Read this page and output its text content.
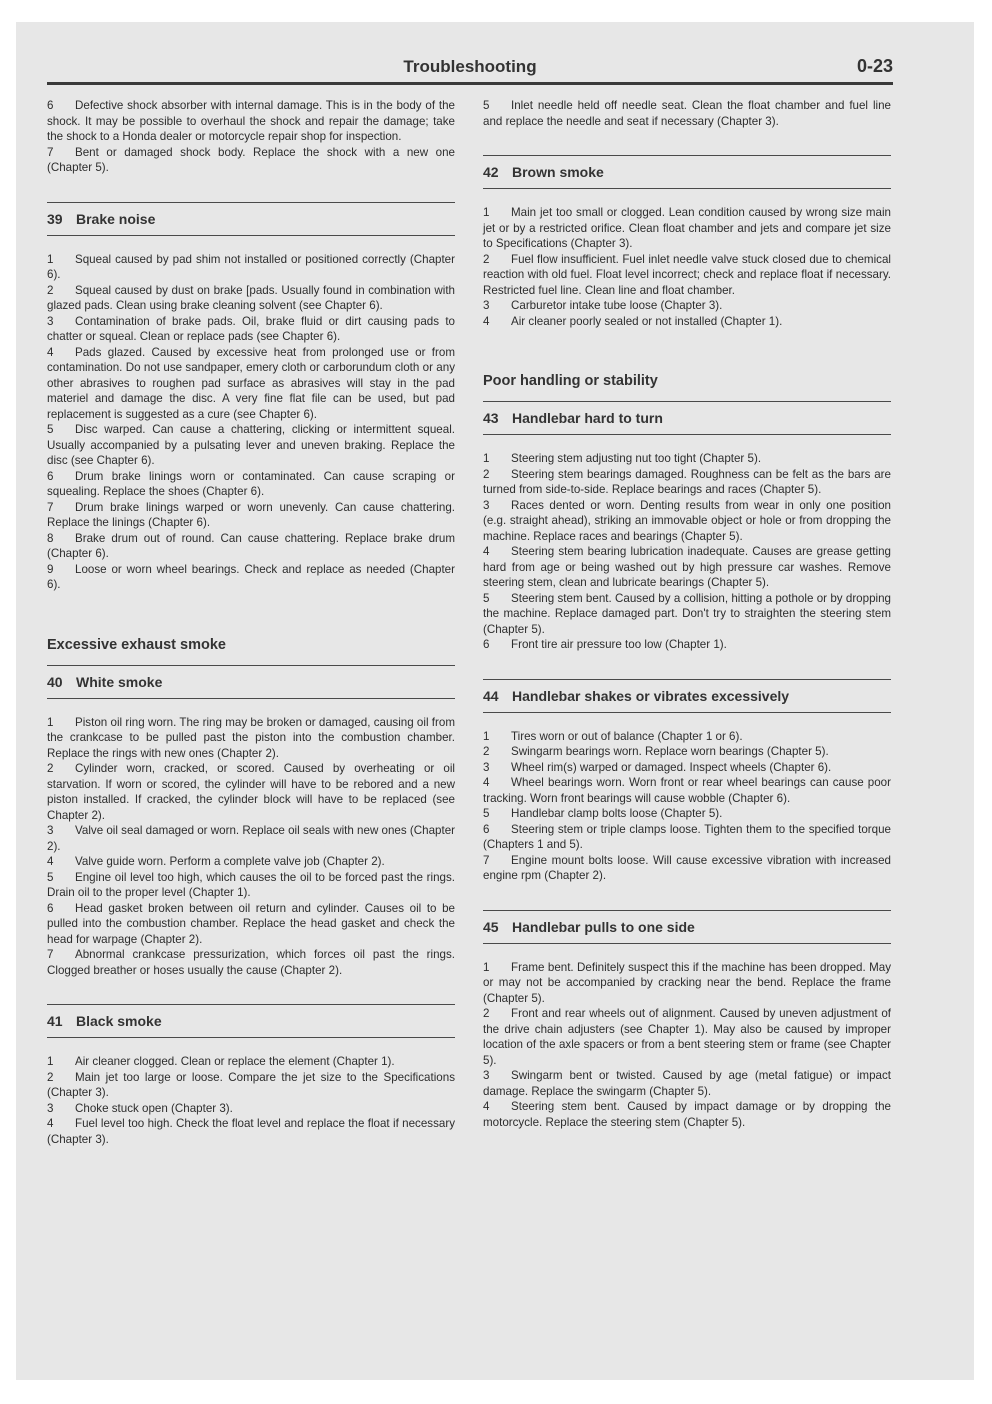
Troubleshooting	0-23

6 Defective shock absorber with internal damage. This is in the body of the shock. It may be possible to overhaul the shock and repair the damage; take the shock to a Honda dealer or motorcycle repair shop for inspection.

7 Bent or damaged shock body. Replace the shock with a new one (Chapter 5).

39 Brake noise

1 Squeal caused by pad shim not installed or positioned correctly (Chapter 6).

2 Squeal caused by dust on brake [pads. Usually found in combination with glazed pads. Clean using brake cleaning solvent (see Chapter 6).

3 Contamination of brake pads. Oil, brake fluid or dirt causing pads to chatter or squeal. Clean or replace pads (see Chapter 6).

4 Pads glazed. Caused by excessive heat from prolonged use or from contamination. Do not use sandpaper, emery cloth or carborundum cloth or any other abrasives to roughen pad surface as abrasives will stay in the pad materiel and damage the disc. A very fine flat file can be used, but pad replacement is suggested as a cure (see Chapter 6).

5 Disc warped. Can cause a chattering, clicking or intermittent squeal. Usually accompanied by a pulsating lever and uneven braking. Replace the disc (see Chapter 6).

6 Drum brake linings worn or contaminated. Can cause scraping or squealing. Replace the shoes (Chapter 6).

7 Drum brake linings warped or worn unevenly. Can cause chattering. Replace the linings (Chapter 6).

8 Brake drum out of round. Can cause chattering. Replace brake drum (Chapter 6).

9 Loose or worn wheel bearings. Check and replace as needed (Chapter 6).

Excessive exhaust smoke
40 White smoke

1 Piston oil ring worn. The ring may be broken or damaged, causing oil from the crankcase to be pulled past the piston into the combustion chamber. Replace the rings with new ones (Chapter 2).

2 Cylinder worn, cracked, or scored. Caused by overheating or oil starvation. If worn or scored, the cylinder will have to be rebored and a new piston installed. If cracked, the cylinder block will have to be replaced (see Chapter 2).

3 Valve oil seal damaged or worn. Replace oil seals with new ones (Chapter 2).

4 Valve guide worn. Perform a complete valve job (Chapter 2).

5 Engine oil level too high, which causes the oil to be forced past the rings. Drain oil to the proper level (Chapter 1).

6 Head gasket broken between oil return and cylinder. Causes oil to be pulled into the combustion chamber. Replace the head gasket and check the head for warpage (Chapter 2).

7 Abnormal crankcase pressurization, which forces oil past the rings. Clogged breather or hoses usually the cause (Chapter 2).

41 Black smoke

1 Air cleaner clogged. Clean or replace the element (Chapter 1).

2 Main jet too large or loose. Compare the jet size to the Specifications (Chapter 3).

3 Choke stuck open (Chapter 3).

4 Fuel level too high. Check the float level and replace the float if necessary (Chapter 3).

5 Inlet needle held off needle seat. Clean the float chamber and fuel line and replace the needle and seat if necessary (Chapter 3).

42 Brown smoke

1 Main jet too small or clogged. Lean condition caused by wrong size main jet or by a restricted orifice. Clean float chamber and jets and compare jet size to Specifications (Chapter 3).

2 Fuel flow insufficient. Fuel inlet needle valve stuck closed due to chemical reaction with old fuel. Float level incorrect; check and replace float if necessary. Restricted fuel line. Clean line and float chamber.

3 Carburetor intake tube loose (Chapter 3).

4 Air cleaner poorly sealed or not installed (Chapter 1).

Poor handling or stability
43 Handlebar hard to turn

1 Steering stem adjusting nut too tight (Chapter 5).

2 Steering stem bearings damaged. Roughness can be felt as the bars are turned from side-to-side. Replace bearings and races (Chapter 5).

3 Races dented or worn. Denting results from wear in only one position (e.g. straight ahead), striking an immovable object or hole or from dropping the machine. Replace races and bearings (Chapter 5).

4 Steering stem bearing lubrication inadequate. Causes are grease getting hard from age or being washed out by high pressure car washes. Remove steering stem, clean and lubricate bearings (Chapter 5).

5 Steering stem bent. Caused by a collision, hitting a pothole or by dropping the machine. Replace damaged part. Don't try to straighten the steering stem (Chapter 5).

6 Front tire air pressure too low (Chapter 1).

44 Handlebar shakes or vibrates excessively

1 Tires worn or out of balance (Chapter 1 or 6).

2 Swingarm bearings worn. Replace worn bearings (Chapter 5).

3 Wheel rim(s) warped or damaged. Inspect wheels (Chapter 6).

4 Wheel bearings worn. Worn front or rear wheel bearings can cause poor tracking. Worn front bearings will cause wobble (Chapter 6).

5 Handlebar clamp bolts loose (Chapter 5).

6 Steering stem or triple clamps loose. Tighten them to the specified torque (Chapters 1 and 5).

7 Engine mount bolts loose. Will cause excessive vibration with increased engine rpm (Chapter 2).

45 Handlebar pulls to one side

1 Frame bent. Definitely suspect this if the machine has been dropped. May or may not be accompanied by cracking near the bend. Replace the frame (Chapter 5).

2 Front and rear wheels out of alignment. Caused by uneven adjustment of the drive chain adjusters (see Chapter 1). May also be caused by improper location of the axle spacers or from a bent steering stem or frame (see Chapter 5).

3 Swingarm bent or twisted. Caused by age (metal fatigue) or impact damage. Replace the swingarm (Chapter 5).

4 Steering stem bent. Caused by impact damage or by dropping the motorcycle. Replace the steering stem (Chapter 5).
